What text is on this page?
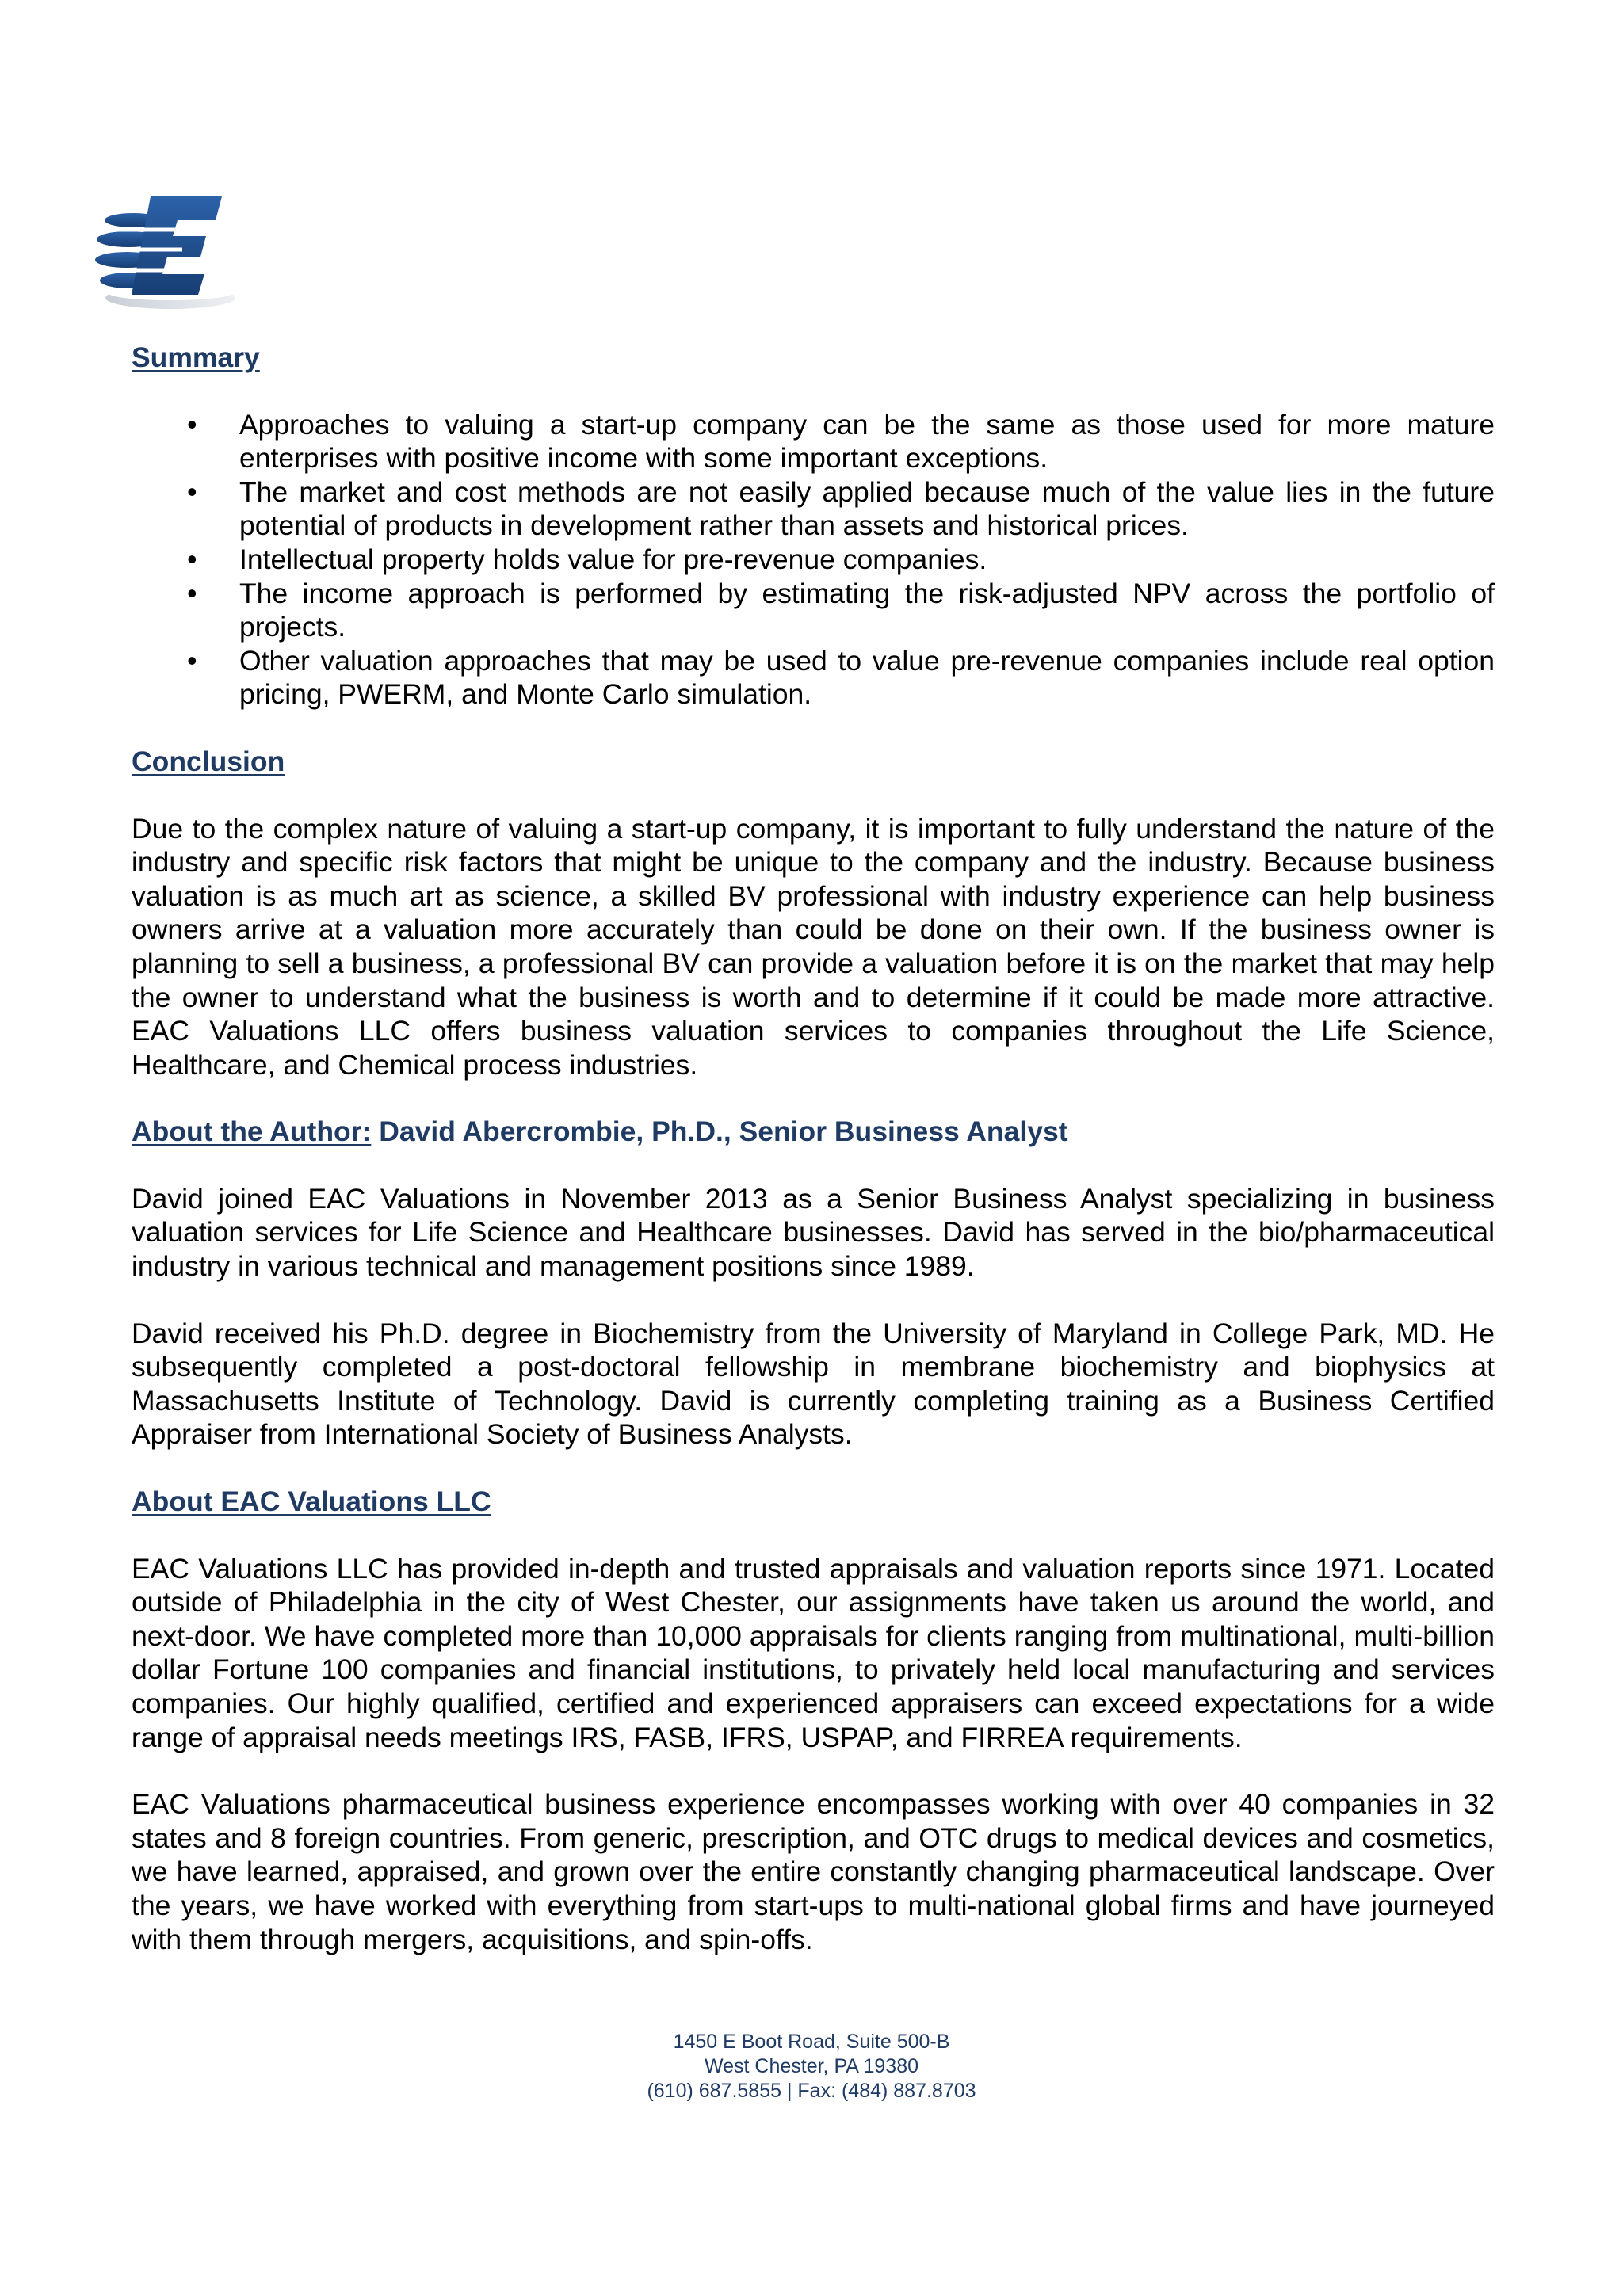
Summary
• Approaches to valuing a start-up company can be the same as those used for more mature enterprises with positive income with some important exceptions.
• The market and cost methods are not easily applied because much of the value lies in the future potential of products in development rather than assets and historical prices.
• Intellectual property holds value for pre-revenue companies.
• The income approach is performed by estimating the risk-adjusted NPV across the portfolio of projects.
• Other valuation approaches that may be used to value pre-revenue companies include real option pricing, PWERM, and Monte Carlo simulation.
Conclusion

Due to the complex nature of valuing a start-up company, it is important to fully understand the nature of the industry and specific risk factors that might be unique to the company and the industry. Because business valuation is as much art as science, a skilled BV professional with industry experience can help business owners arrive at a valuation more accurately than could be done on their own. If the business owner is planning to sell a business, a professional BV can provide a valuation before it is on the market that may help the owner to understand what the business is worth and to determine if it could be made more attractive. EAC Valuations LLC offers business valuation services to companies throughout the Life Science, Healthcare, and Chemical process industries.

About the Author: David Abercrombie, Ph.D., Senior Business Analyst

David joined EAC Valuations in November 2013 as a Senior Business Analyst specializing in business valuation services for Life Science and Healthcare businesses. David has served in the bio/pharmaceutical industry in various technical and management positions since 1989.

David received his Ph.D. degree in Biochemistry from the University of Maryland in College Park, MD. He subsequently completed a post-doctoral fellowship in membrane biochemistry and biophysics at Massachusetts Institute of Technology. David is currently completing training as a Business Certified Appraiser from International Society of Business Analysts.

About EAC Valuations LLC

EAC Valuations LLC has provided in-depth and trusted appraisals and valuation reports since 1971. Located outside of Philadelphia in the city of West Chester, our assignments have taken us around the world, and next-door. We have completed more than 10,000 appraisals for clients ranging from multinational, multi-billion dollar Fortune 100 companies and financial institutions, to privately held local manufacturing and services companies. Our highly qualified, certified and experienced appraisers can exceed expectations for a wide range of appraisal needs meetings IRS, FASB, IFRS, USPAP, and FIRREA requirements.

EAC Valuations pharmaceutical business experience encompasses working with over 40 companies in 32 states and 8 foreign countries. From generic, prescription, and OTC drugs to medical devices and cosmetics, we have learned, appraised, and grown over the entire constantly changing pharmaceutical landscape. Over the years, we have worked with everything from start-ups to multi-national global firms and have journeyed with them through mergers, acquisitions, and spin-offs.

1450 E Boot Road, Suite 500-B
West Chester, PA 19380
(610) 687.5855 | Fax: (484) 887.8703
